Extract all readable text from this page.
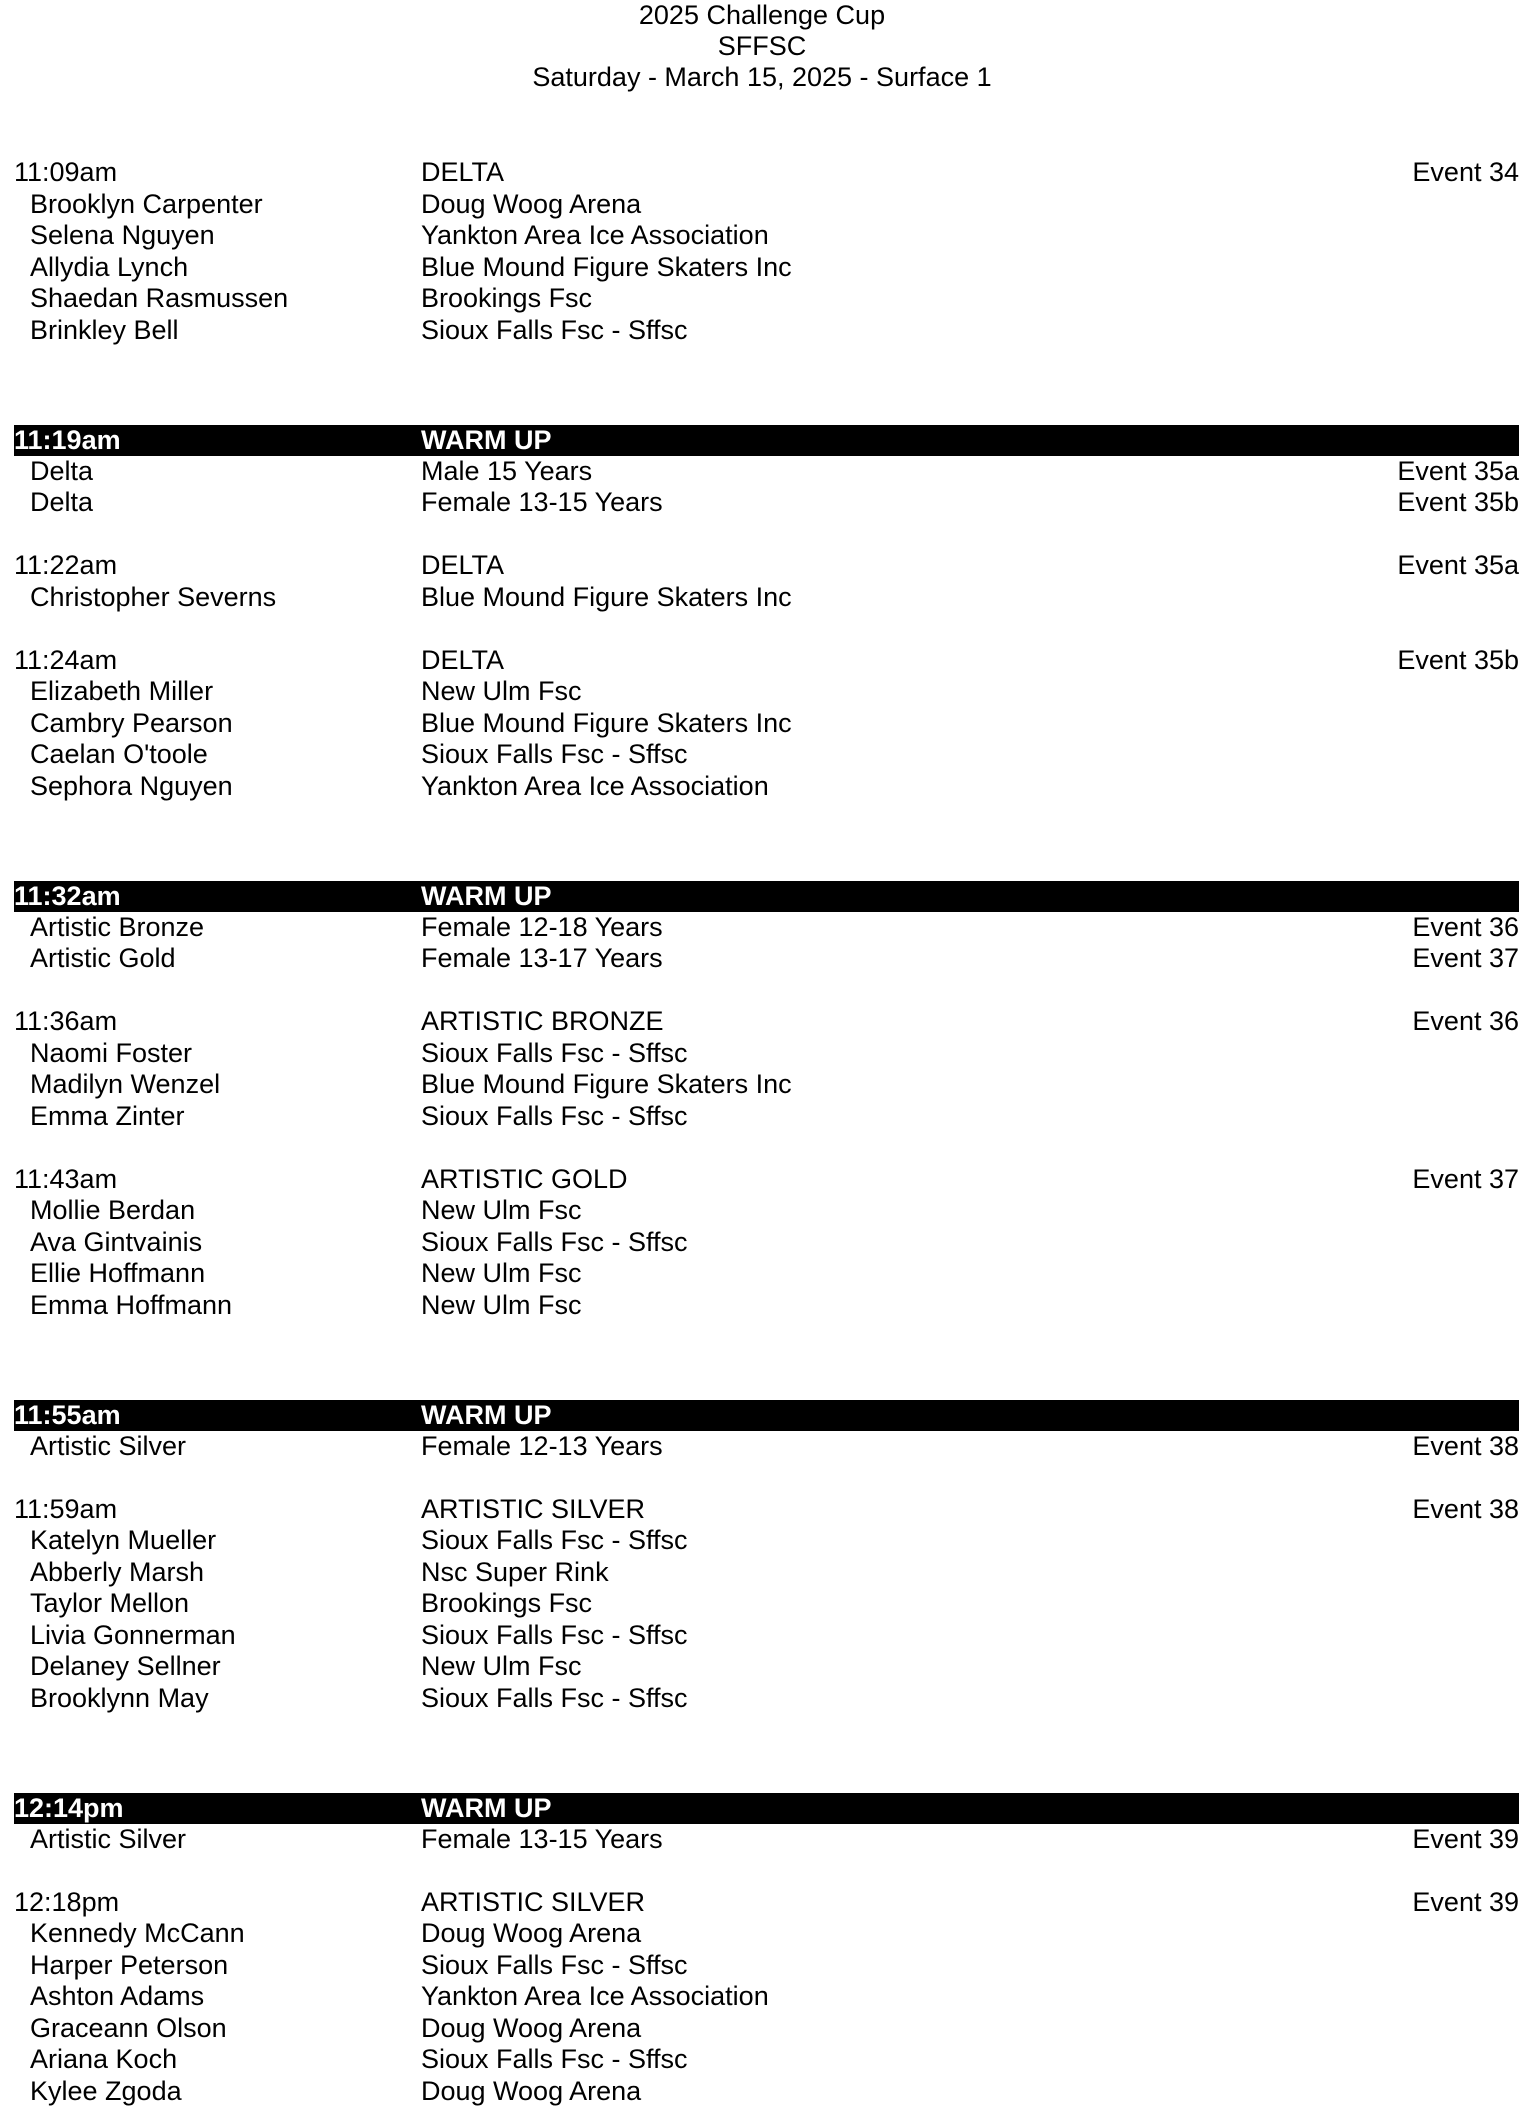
2025 Challenge Cup
SFFSC
Saturday - March 15, 2025 - Surface 1
11:09am	DELTA	Event 34
Brooklyn Carpenter	Doug Woog Arena
Selena Nguyen	Yankton Area Ice Association
Allydia Lynch	Blue Mound Figure Skaters Inc
Shaedan Rasmussen	Brookings Fsc
Brinkley Bell	Sioux Falls Fsc - Sffsc
11:19am	WARM UP
Delta	Male 15 Years	Event 35a
Delta	Female 13-15 Years	Event 35b
11:22am	DELTA	Event 35a
Christopher Severns	Blue Mound Figure Skaters Inc
11:24am	DELTA	Event 35b
Elizabeth Miller	New Ulm Fsc
Cambry Pearson	Blue Mound Figure Skaters Inc
Caelan O'toole	Sioux Falls Fsc - Sffsc
Sephora Nguyen	Yankton Area Ice Association
11:32am	WARM UP
Artistic Bronze	Female 12-18 Years	Event 36
Artistic Gold	Female 13-17 Years	Event 37
11:36am	ARTISTIC BRONZE	Event 36
Naomi Foster	Sioux Falls Fsc - Sffsc
Madilyn Wenzel	Blue Mound Figure Skaters Inc
Emma Zinter	Sioux Falls Fsc - Sffsc
11:43am	ARTISTIC GOLD	Event 37
Mollie Berdan	New Ulm Fsc
Ava Gintvainis	Sioux Falls Fsc - Sffsc
Ellie Hoffmann	New Ulm Fsc
Emma Hoffmann	New Ulm Fsc
11:55am	WARM UP
Artistic Silver	Female 12-13 Years	Event 38
11:59am	ARTISTIC SILVER	Event 38
Katelyn Mueller	Sioux Falls Fsc - Sffsc
Abberly Marsh	Nsc Super Rink
Taylor Mellon	Brookings Fsc
Livia Gonnerman	Sioux Falls Fsc - Sffsc
Delaney Sellner	New Ulm Fsc
Brooklynn May	Sioux Falls Fsc - Sffsc
12:14pm	WARM UP
Artistic Silver	Female 13-15 Years	Event 39
12:18pm	ARTISTIC SILVER	Event 39
Kennedy McCann	Doug Woog Arena
Harper Peterson	Sioux Falls Fsc - Sffsc
Ashton Adams	Yankton Area Ice Association
Graceann Olson	Doug Woog Arena
Ariana Koch	Sioux Falls Fsc - Sffsc
Kylee Zgoda	Doug Woog Arena
